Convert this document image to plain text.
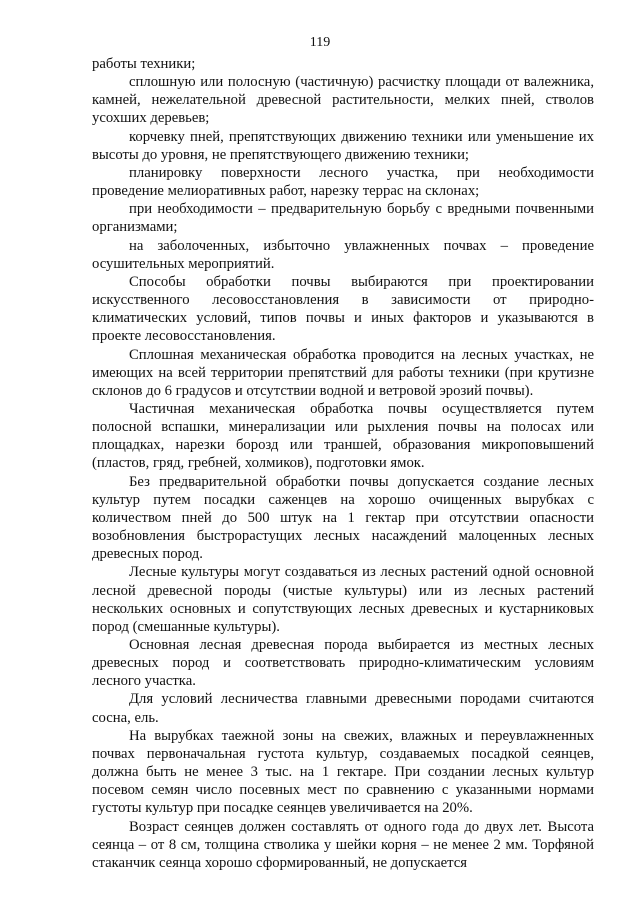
119

работы техники;

сплошную или полосную (частичную) расчистку площади от валежника, камней, нежелательной древесной растительности, мелких пней, стволов усохших деревьев;

корчевку пней, препятствующих движению техники или уменьшение их высоты до уровня, не препятствующего движению техники;

планировку поверхности лесного участка, при необходимости проведение мелиоративных работ, нарезку террас на склонах;

при необходимости – предварительную борьбу с вредными почвенными организмами;

на заболоченных, избыточно увлажненных почвах – проведение осушительных мероприятий.

Способы обработки почвы выбираются при проектировании искусственного лесовосстановления в зависимости от природно-климатических условий, типов почвы и иных факторов и указываются в проекте лесовосстановления.

Сплошная механическая обработка проводится на лесных участках, не имеющих на всей территории препятствий для работы техники (при крутизне склонов до 6 градусов и отсутствии водной и ветровой эрозий почвы).

Частичная механическая обработка почвы осуществляется путем полосной вспашки, минерализации или рыхления почвы на полосах или площадках, нарезки борозд или траншей, образования микроповышений (пластов, гряд, гребней, холмиков), подготовки ямок.

Без предварительной обработки почвы допускается создание лесных культур путем посадки саженцев на хорошо очищенных вырубках с количеством пней до 500 штук на 1 гектар при отсутствии опасности возобновления быстрорастущих лесных насаждений малоценных лесных древесных пород.

Лесные культуры могут создаваться из лесных растений одной основной лесной древесной породы (чистые культуры) или из лесных растений нескольких основных и сопутствующих лесных древесных и кустарниковых пород (смешанные культуры).

Основная лесная древесная порода выбирается из местных лесных древесных пород и соответствовать природно-климатическим условиям лесного участка.

Для условий лесничества главными древесными породами считаются сосна, ель.

На вырубках таежной зоны на свежих, влажных и переувлажненных почвах первоначальная густота культур, создаваемых посадкой сеянцев, должна быть не менее 3 тыс. на 1 гектаре. При создании лесных культур посевом семян число посевных мест по сравнению с указанными нормами густоты культур при посадке сеянцев увеличивается на 20%.

Возраст сеянцев должен составлять от одного года до двух лет. Высота сеянца – от 8 см, толщина стволика у шейки корня – не менее 2 мм. Торфяной стаканчик сеянца хорошо сформированный, не допускается
